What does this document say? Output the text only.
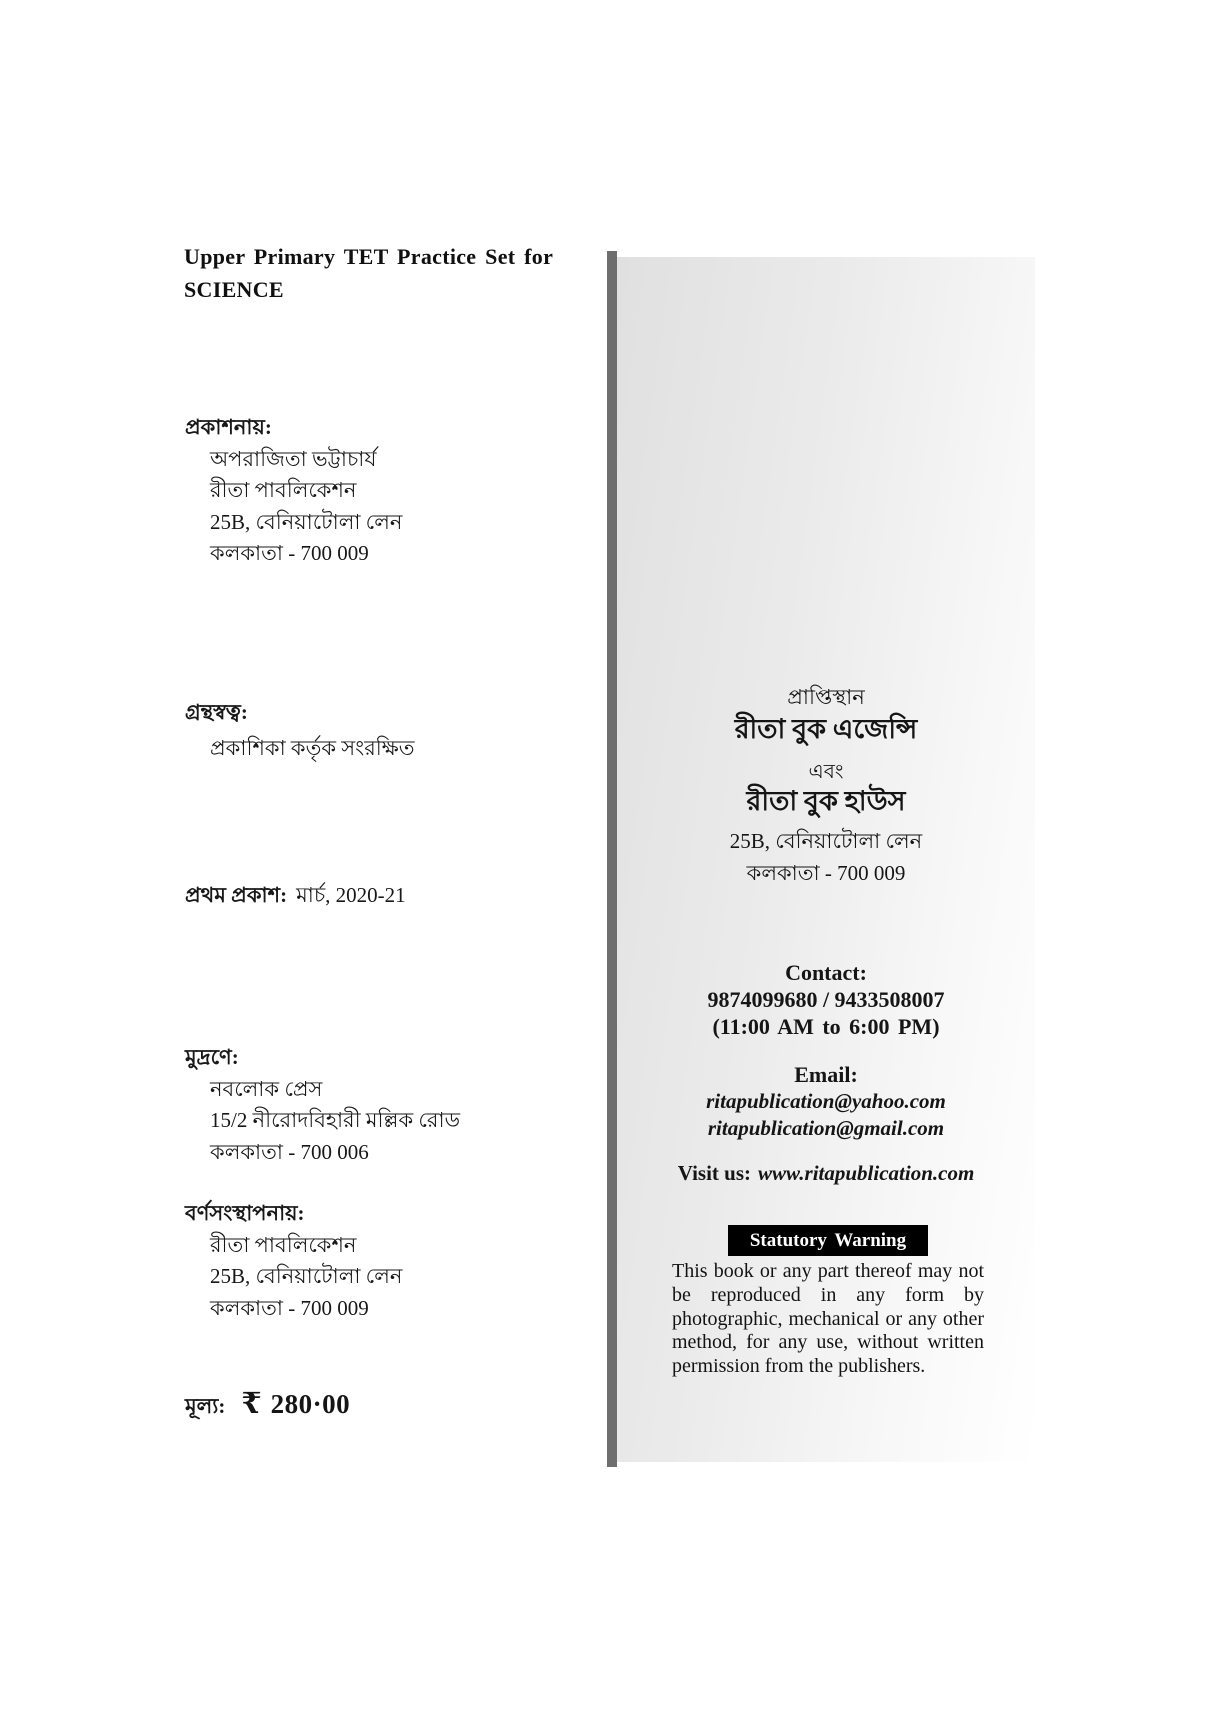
Upper Primary TET Practice Set for
SCIENCE
প্রকাশনায়:
অপরাজিতা ভট্টাচার্য
রীতা পাবলিকেশন
25B, বেনিয়াটোলা লেন
কলকাতা - 700 009
গ্রন্থস্বত্ব:
প্রকাশিকা কর্তৃক সংরক্ষিত
প্রথম প্রকাশ: মার্চ, 2020-21
মুদ্রণে:
নবলোক প্রেস
15/2 নীরোদবিহারী মল্লিক রোড
কলকাতা - 700 006
বর্ণসংস্থাপনায়:
রীতা পাবলিকেশন
25B, বেনিয়াটোলা লেন
কলকাতা - 700 009
মূল্য: ₹ 280·00
প্রাপ্তিস্থান
রীতা বুক এজেন্সি
এবং
রীতা বুক হাউস
25B, বেনিয়াটোলা লেন
কলকাতা - 700 009
Contact:
9874099680 / 9433508007
(11:00 AM to 6:00 PM)
Email:
ritapublication@yahoo.com
ritapublication@gmail.com
Visit us: www.ritapublication.com
Statutory Warning
This book or any part thereof may not be reproduced in any form by photographic, mechanical or any other method, for any use, without written permission from the publishers.
